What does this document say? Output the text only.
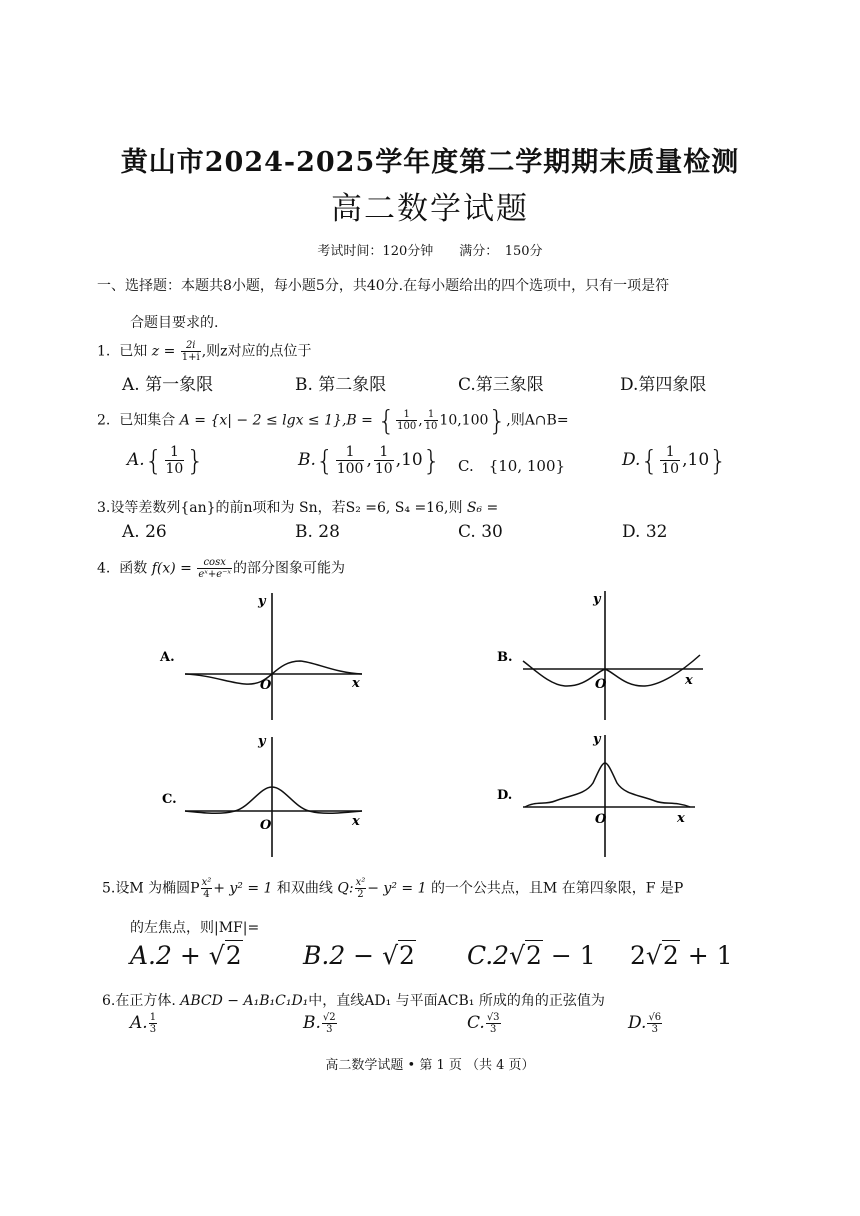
黄山市2024-2025学年度第二学期期末质量检测
高二数学试题
考试时间：120分钟　　满分：　150分
一、选择题：本题共8小题，每小题5分，共40分.在每小题给出的四个选项中，只有一项是符
合题目要求的.
1. 已知 $z = \frac{2i}{1+i}$ ,则z对应的点位于
A. 第一象限	B. 第二象限	C.第三象限	D.第四象限
2. 已知集合 A = {x| − 2 ≤ lgx ≤ 1},B = { $\frac{1}{100}$ , $\frac{1}{10} 10,100$},则A∩B=
$A.\{ \frac{1}{10}$ }	$B.\{ \frac{1}{100}$ , $\frac{1}{10} ,10$} C.　{10, 100}	$D.\{ \frac{1}{10} ,10\}$
3.设等差数列{an}的前n项和为 Sn，若S₂ =6, S₄ =16,则 S₆ =
A. 26	B. 28	C. 30	D. 32
4. 函数 $f(x) = \frac{\cos x}{\text{eˣ+e⁻ˣ}}$ 的部分图象可能为
A.
y
O	x
B.
y
O	x
C.
y
O	x
D.
y
O	x
5.设M 为椭圆P $\frac{\text{x²}}{4} + y^2 = 1$ 和双曲线 Q: $\frac{\text{x²}}{2} - y^2 = 1$ 的一个公共点，且M 在第四象限，F 是P
的左焦点，则|MF|=
A.2 + √2 B.2 − √2 C.2√2 − 1 2√2 + 1
6.在正方体. ABCD − A₁B₁C₁D₁中，直线AD₁ 与平面ACB₁ 所成的角的正弦值为
A. $\frac{1}{3}$	B. $\frac{√2}{3}$	C. $\frac{√3}{3}$	D. $\frac{√6}{3}$
高二数学试题 • 第 1 页 （共 4 页）
